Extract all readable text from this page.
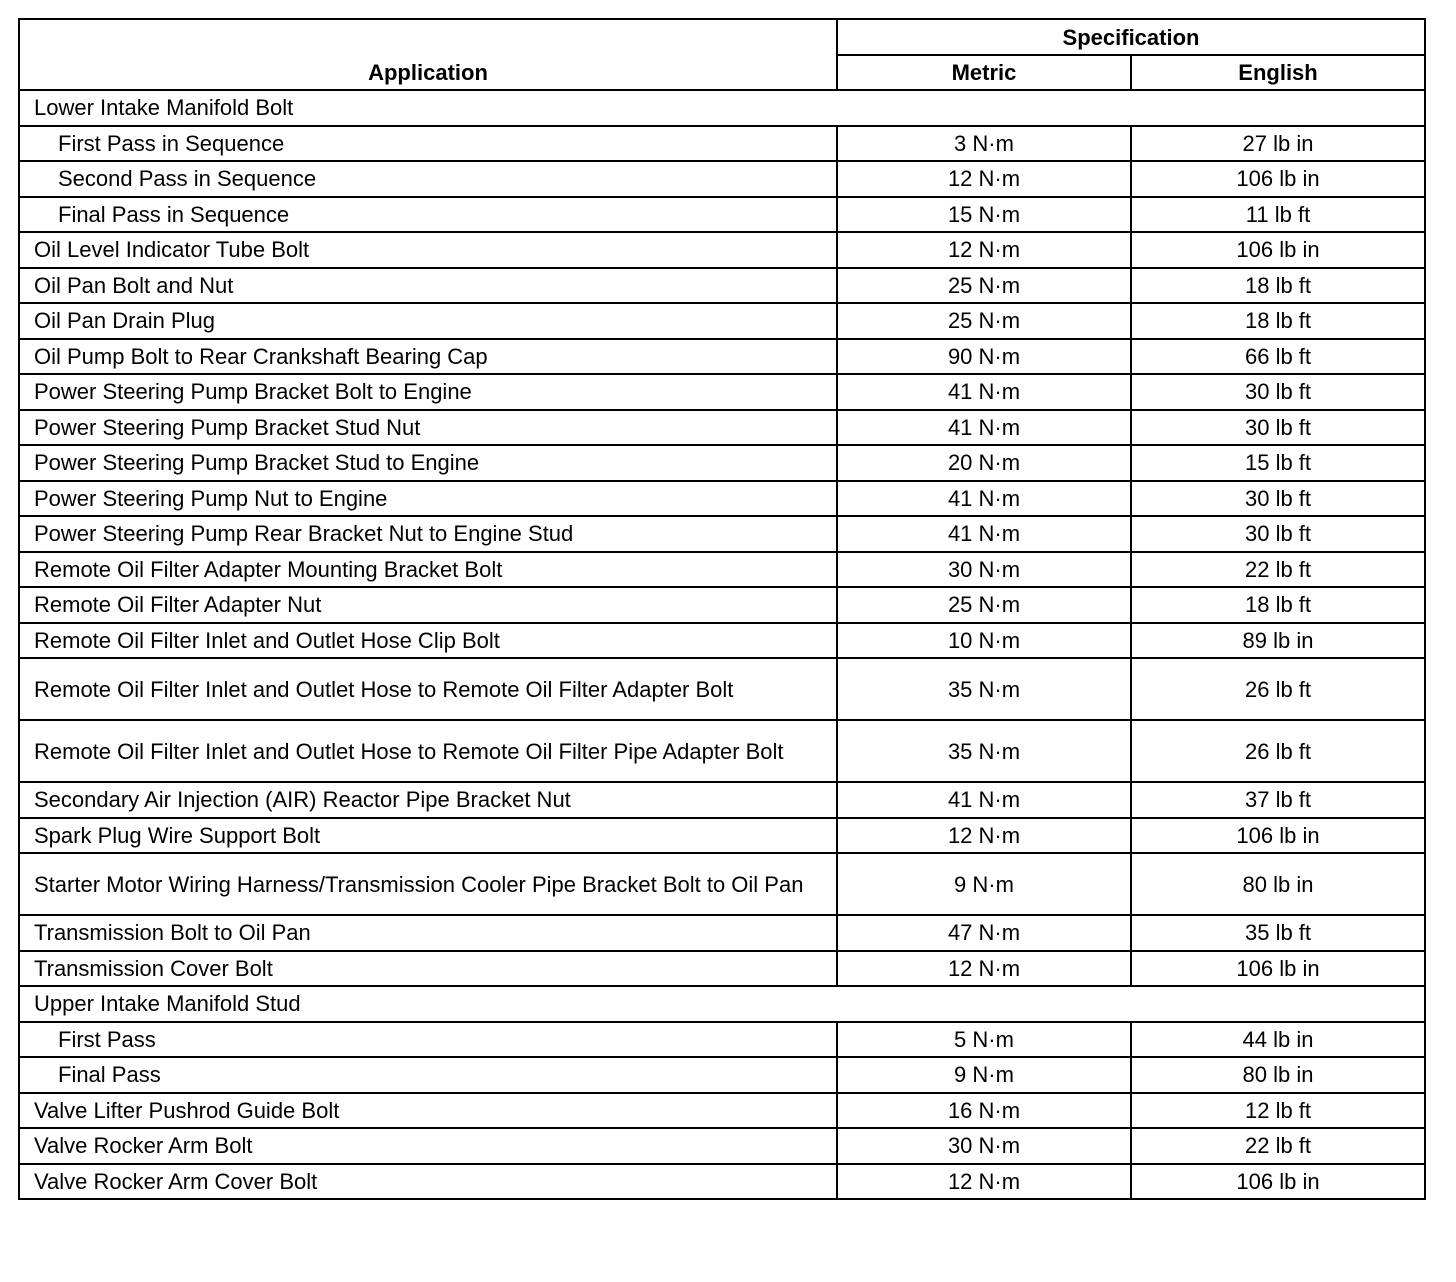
Application	Specification	
	Metric	English
Lower Intake Manifold Bolt		
First Pass in Sequence	3 N·m	27 lb in
Second Pass in Sequence	12 N·m	106 lb in
Final Pass in Sequence	15 N·m	11 lb ft
Oil Level Indicator Tube Bolt	12 N·m	106 lb in
Oil Pan Bolt and Nut	25 N·m	18 lb ft
Oil Pan Drain Plug	25 N·m	18 lb ft
Oil Pump Bolt to Rear Crankshaft Bearing Cap	90 N·m	66 lb ft
Power Steering Pump Bracket Bolt to Engine	41 N·m	30 lb ft
Power Steering Pump Bracket Stud Nut	41 N·m	30 lb ft
Power Steering Pump Bracket Stud to Engine	20 N·m	15 lb ft
Power Steering Pump Nut to Engine	41 N·m	30 lb ft
Power Steering Pump Rear Bracket Nut to Engine Stud	41 N·m	30 lb ft
Remote Oil Filter Adapter Mounting Bracket Bolt	30 N·m	22 lb ft
Remote Oil Filter Adapter Nut	25 N·m	18 lb ft
Remote Oil Filter Inlet and Outlet Hose Clip Bolt	10 N·m	89 lb in
Remote Oil Filter Inlet and Outlet Hose to Remote Oil Filter Adapter Bolt	35 N·m	26 lb ft
Remote Oil Filter Inlet and Outlet Hose to Remote Oil Filter Pipe Adapter Bolt	35 N·m	26 lb ft
Secondary Air Injection (AIR) Reactor Pipe Bracket Nut	41 N·m	37 lb ft
Spark Plug Wire Support Bolt	12 N·m	106 lb in
Starter Motor Wiring Harness/Transmission Cooler Pipe Bracket Bolt to Oil Pan	9 N·m	80 lb in
Transmission Bolt to Oil Pan	47 N·m	35 lb ft
Transmission Cover Bolt	12 N·m	106 lb in
Upper Intake Manifold Stud		
First Pass	5 N·m	44 lb in
Final Pass	9 N·m	80 lb in
Valve Lifter Pushrod Guide Bolt	16 N·m	12 lb ft
Valve Rocker Arm Bolt	30 N·m	22 lb ft
Valve Rocker Arm Cover Bolt	12 N·m	106 lb in
